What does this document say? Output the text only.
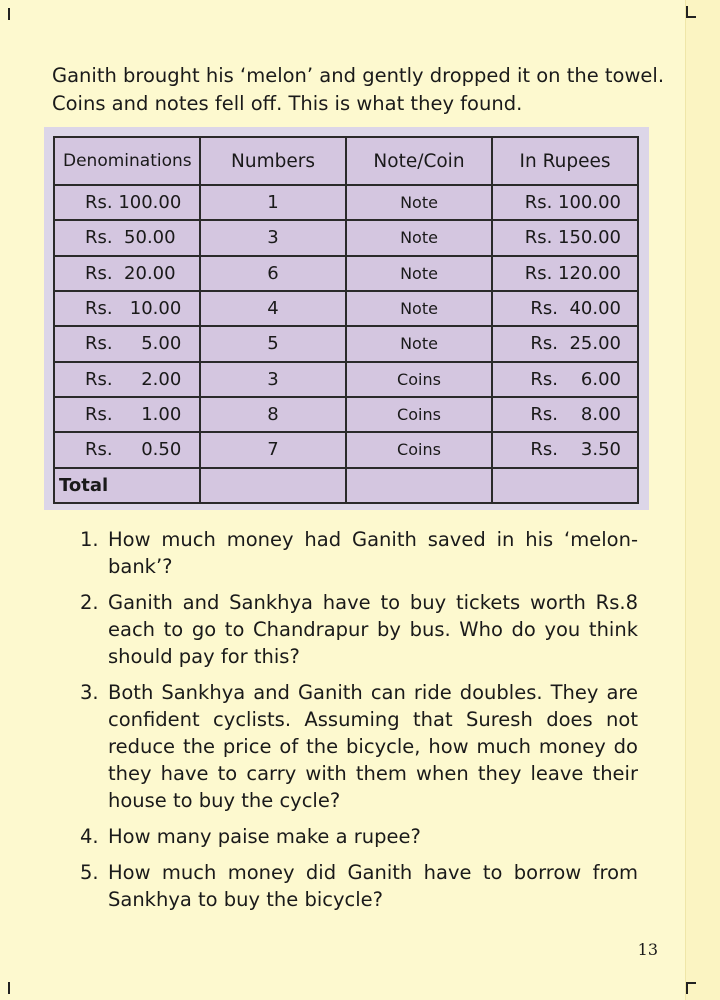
Ganith brought his ‘melon’ and gently dropped it on the towel.

Coins and notes fell off. This is what they found.

Denominations	Numbers	Note/Coin	In Rupees
Rs. 100.00	1	Note	Rs. 100.00
Rs.  50.00	3	Note	Rs. 150.00
Rs.  20.00	6	Note	Rs. 120.00
Rs.   10.00	4	Note	Rs.  40.00
Rs.     5.00	5	Note	Rs.  25.00
Rs.     2.00	3	Coins	Rs.    6.00
Rs.     1.00	8	Coins	Rs.    8.00
Rs.     0.50	7	Coins	Rs.    3.50
Total			
1. How much money had Ganith saved in his ‘melon-bank’?
2. Ganith and Sankhya have to buy tickets worth Rs.8 each to go to Chandrapur by bus. Who do you think should pay for this?
3. Both Sankhya and Ganith can ride doubles. They are confident cyclists. Assuming that Suresh does not reduce the price of the bicycle, how much money do they have to carry with them when they leave their house to buy the cycle?
4. How many paise make a rupee?
5. How much money did Ganith have to borrow from Sankhya to buy the bicycle?
13
